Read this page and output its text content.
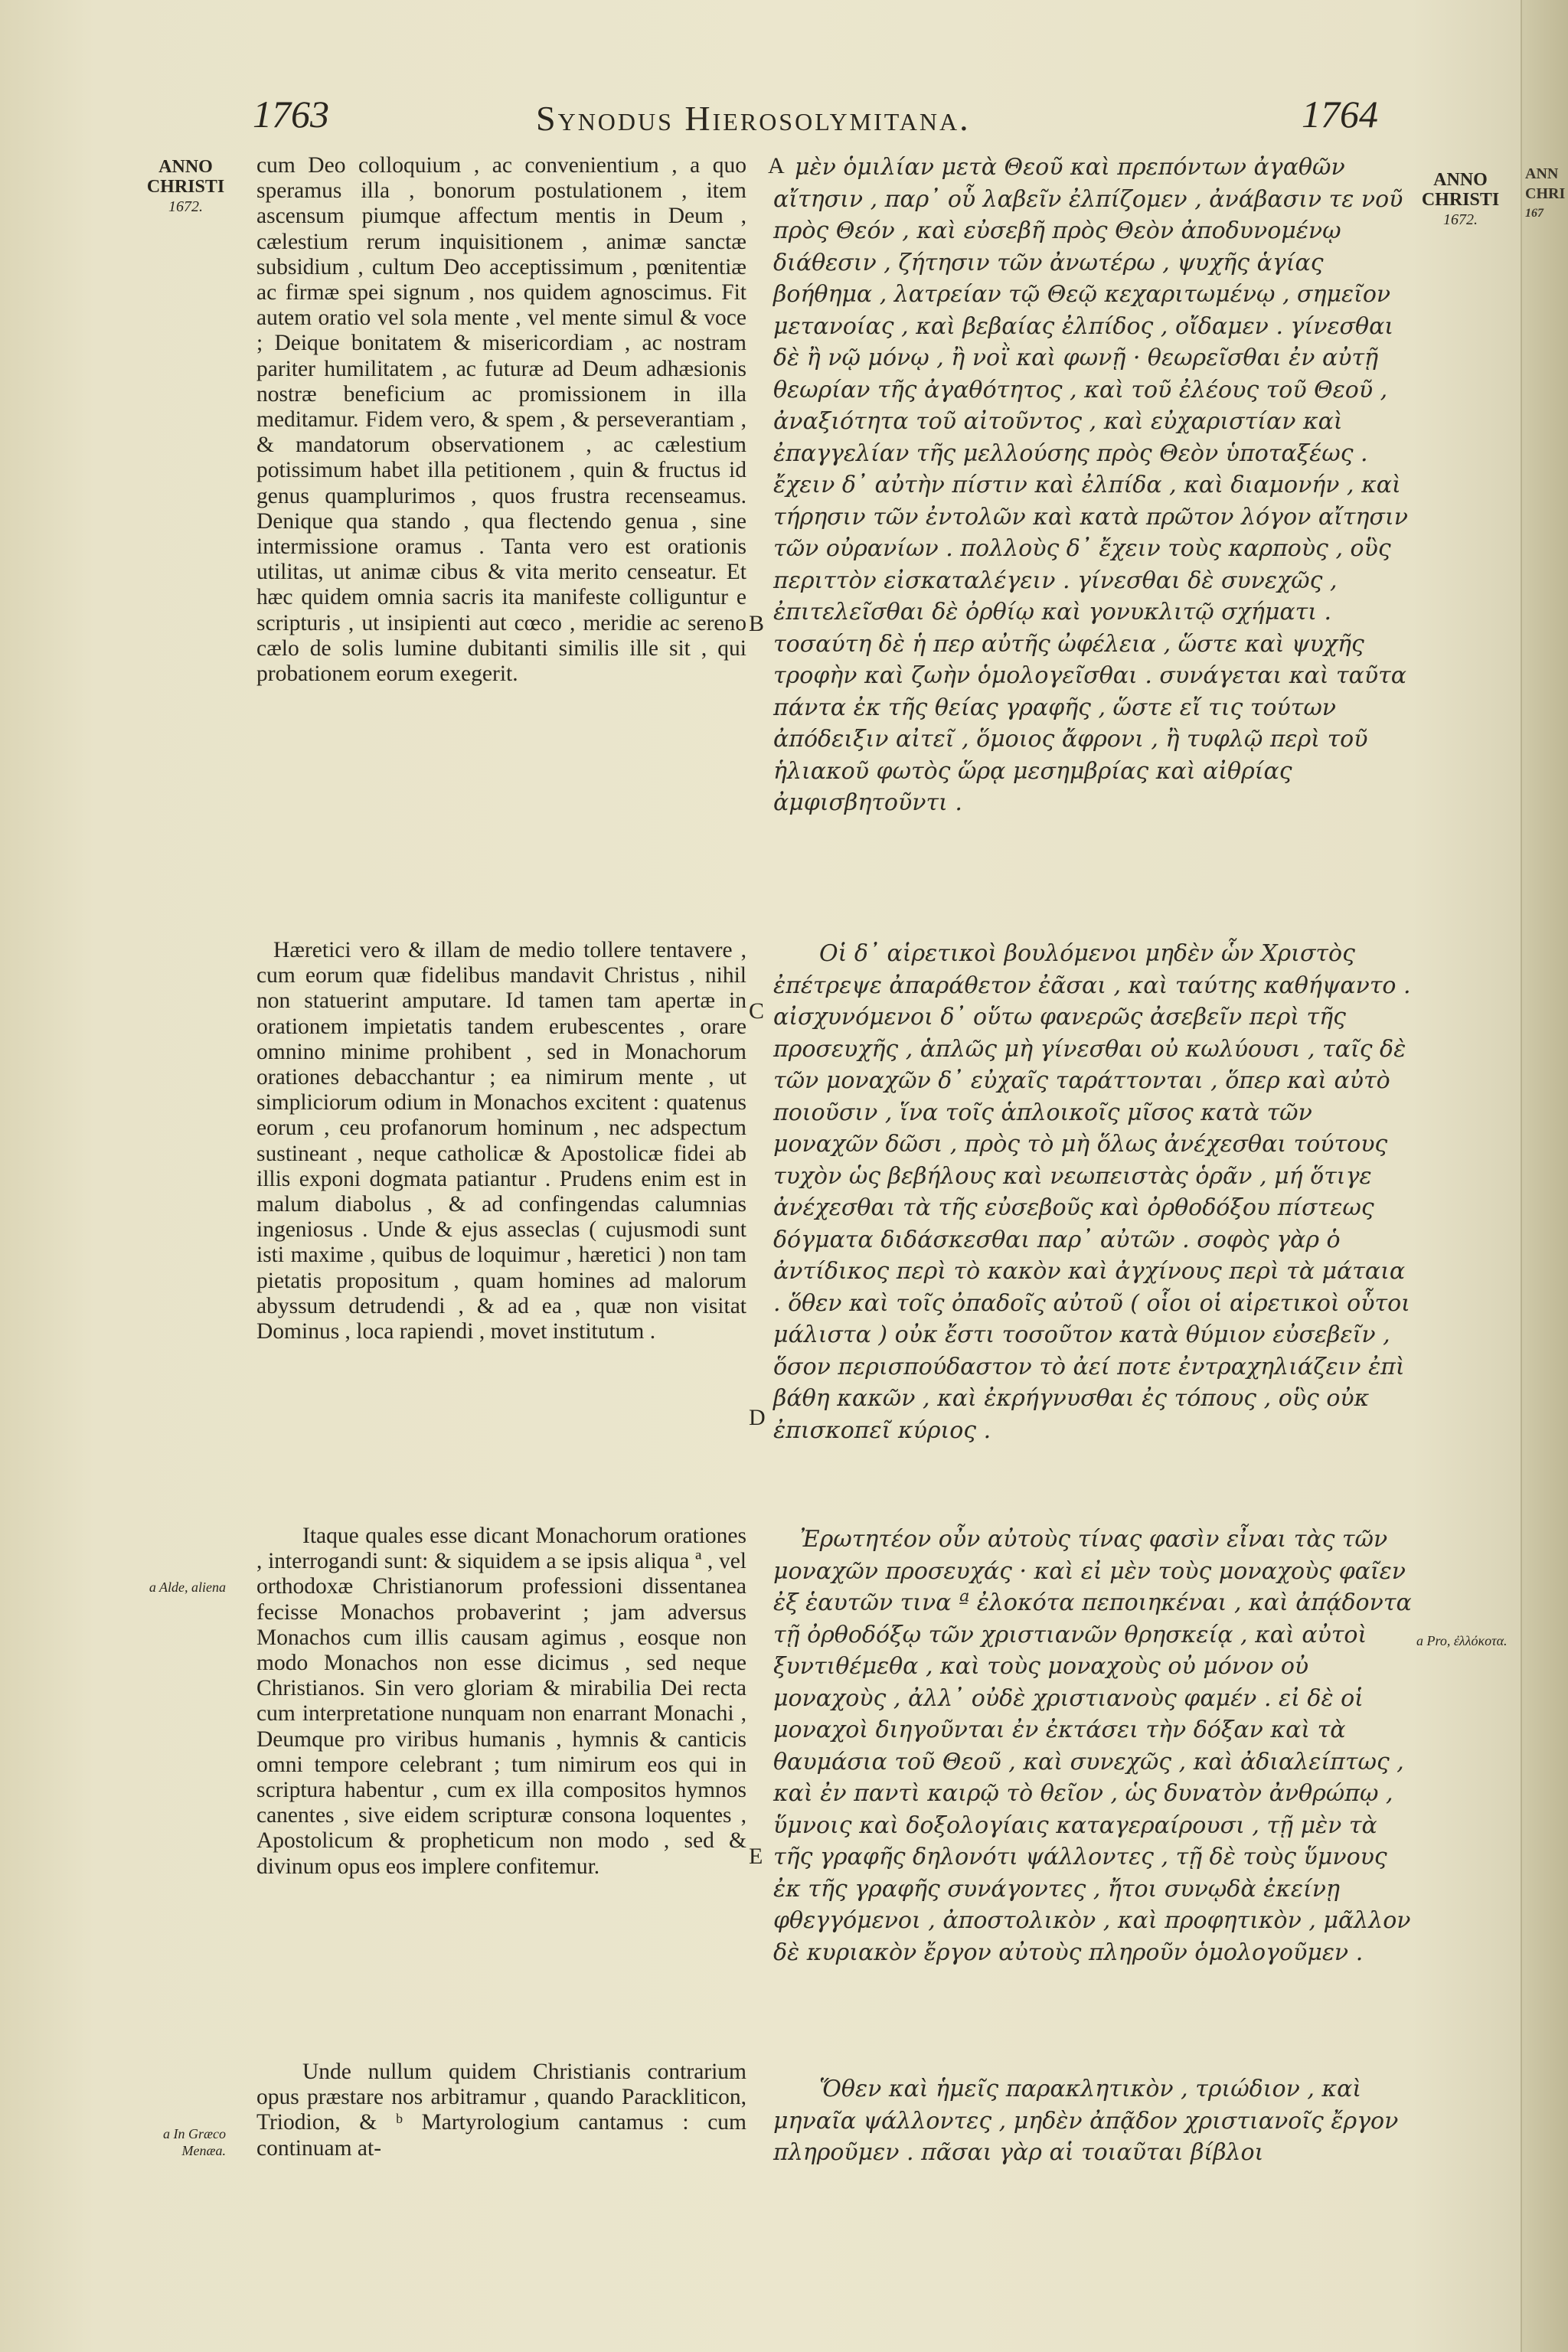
ANN
CHRI
167
1763	Synodus Hierosolymitana.	1764
ANNO
CHRISTI
1672.
ANNO
CHRISTI
1672.
cum Deo colloquium , ac convenientium , a quo speramus illa , bonorum postulationem , item ascensum piumque affectum mentis in Deum , cælestium rerum inquisitionem , animæ sanctæ subsidium , cultum Deo acceptissimum , pœnitentiæ ac firmæ spei signum , nos quidem agnoscimus. Fit autem oratio vel sola mente , vel mente simul & voce ; Deique bonitatem & misericordiam , ac nostram pariter humilitatem , ac futuræ ad Deum adhæsionis nostræ beneficium ac promissionem in illa meditamur. Fidem vero, & spem , & perseverantiam , & mandatorum observationem , ac cælestium potissimum habet illa petitionem , quin & fructus id genus quamplurimos , quos frustra recenseamus. Denique qua stando , qua flectendo genua , sine intermissione oramus . Tanta vero est orationis utilitas, ut animæ cibus & vita merito censeatur. Et hæc quidem omnia sacris ita manifeste colliguntur e scripturis , ut insipienti aut cœco , meridie ac sereno cælo de solis lumine dubitanti similis ille sit , qui probationem eorum exegerit.
Hæretici vero & illam de medio tollere tentavere , cum eorum quæ fidelibus mandavit Christus , nihil non statuerint amputare. Id tamen tam apertæ in orationem impietatis tandem erubescentes , orare omnino minime prohibent , sed in Monachorum orationes debacchantur ; ea nimirum mente , ut simpliciorum odium in Monachos excitent : quatenus eorum , ceu profanorum hominum , nec adspectum sustineant , neque catholicæ & Apostolicæ fidei ab illis exponi dogmata patiantur . Prudens enim est in malum diabolus , & ad confingendas calumnias ingeniosus . Unde & ejus asseclas ( cujusmodi sunt isti maxime , quibus de loquimur , hæretici ) non tam pietatis propositum , quam homines ad malorum abyssum detrudendi , & ad ea , quæ non visitat Dominus , loca rapiendi , movet institutum .
Itaque quales esse dicant Monachorum orationes , interrogandi sunt: & siquidem a se ipsis aliqua ª , vel orthodoxæ Christianorum professioni dissentanea fecisse Monachos probaverint ; jam adversus Monachos cum illis causam agimus , eosque non modo Monachos non esse dicimus , sed neque Christianos. Sin vero gloriam & mirabilia Dei recta cum interpretatione nunquam non enarrant Monachi , Deumque pro viribus humanis , hymnis & canticis omni tempore celebrant ; tum nimirum eos qui in scriptura habentur , cum ex illa compositos hymnos canentes , sive eidem scripturæ consona loquentes , Apostolicum & propheticum non modo , sed & divinum opus eos implere confitemur.
Unde nullum quidem Christianis contrarium opus præstare nos arbitramur , quando Parackliticon, Triodion, & ᵇ Martyrologium cantamus : cum continuam at-
A
B
C
D
E
μὲν ὁμιλίαν μετὰ Θεοῦ καὶ πρεπόντων ἀγαθῶν αἴτησιν , παρ᾽ οὗ λαβεῖν ἐλπίζομεν , ἀνάβασιν τε νοῦ πρὸς Θεόν , καὶ εὐσεβῆ πρὸς Θεὸν ἀποδυνομένῳ διάθεσιν , ζήτησιν τῶν ἀνωτέρω , ψυχῆς ἁγίας βοήθημα , λατρείαν τῷ Θεῷ κεχαριτωμένῳ , σημεῖον μετανοίας , καὶ βεβαίας ἐλπίδος , οἴδαμεν . γίνεσθαι δὲ ἢ νῷ μόνῳ , ἢ νοῒ καὶ φωνῇ · θεωρεῖσθαι ἐν αὐτῇ θεωρίαν τῆς ἀγαθότητος , καὶ τοῦ ἐλέους τοῦ Θεοῦ , ἀναξιότητα τοῦ αἰτοῦντος , καὶ εὐχαριστίαν καὶ ἐπαγγελίαν τῆς μελλούσης πρὸς Θεὸν ὑποταξέως . ἔχειν δ᾽ αὐτὴν πίστιν καὶ ἐλπίδα , καὶ διαμονήν , καὶ τήρησιν τῶν ἐντολῶν καὶ κατὰ πρῶτον λόγον αἴτησιν τῶν οὐρανίων . πολλοὺς δ᾽ ἔχειν τοὺς καρποὺς , οὓς περιττὸν εἰσκαταλέγειν . γίνεσθαι δὲ συνεχῶς , ἐπιτελεῖσθαι δὲ ὀρθίῳ καὶ γονυκλιτῷ σχήματι . τοσαύτη δὲ ἡ περ αὐτῆς ὠφέλεια , ὥστε καὶ ψυχῆς τροφὴν καὶ ζωὴν ὁμολογεῖσθαι . συνάγεται καὶ ταῦτα πάντα ἐκ τῆς θείας γραφῆς , ὥστε εἴ τις τούτων ἀπόδειξιν αἰτεῖ , ὅμοιος ἄφρονι , ἢ τυφλῷ περὶ τοῦ ἡλιακοῦ φωτὸς ὥρᾳ μεσημβρίας καὶ αἰθρίας ἀμφισβητοῦντι .
Οἱ δ᾽ αἱρετικοὶ βουλόμενοι μηδὲν ὧν Χριστὸς ἐπέτρεψε ἀπαράθετον ἐᾶσαι , καὶ ταύτης καθήψαντο . αἰσχυνόμενοι δ᾽ οὕτω φανερῶς ἀσεβεῖν περὶ τῆς προσευχῆς , ἁπλῶς μὴ γίνεσθαι οὐ κωλύουσι , ταῖς δὲ τῶν μοναχῶν δ᾽ εὐχαῖς ταράττονται , ὅπερ καὶ αὐτὸ ποιοῦσιν , ἵνα τοῖς ἁπλοικοῖς μῖσος κατὰ τῶν μοναχῶν δῶσι , πρὸς τὸ μὴ ὅλως ἀνέχεσθαι τούτους τυχὸν ὡς βεβήλους καὶ νεωπειστὰς ὁρᾶν , μή ὅτιγε ἀνέχεσθαι τὰ τῆς εὐσεβοῦς καὶ ὀρθοδόξου πίστεως δόγματα διδάσκεσθαι παρ᾽ αὐτῶν . σοφὸς γὰρ ὁ ἀντίδικος περὶ τὸ κακὸν καὶ ἀγχίνους περὶ τὰ μάταια . ὅθεν καὶ τοῖς ὀπαδοῖς αὐτοῦ ( οἷοι οἱ αἱρετικοὶ οὗτοι μάλιστα ) οὐκ ἔστι τοσοῦτον κατὰ θύμιον εὐσεβεῖν , ὅσον περισπούδαστον τὸ ἀεί ποτε ἐντραχηλιάζειν ἐπὶ βάθη κακῶν , καὶ ἐκρήγνυσθαι ἐς τόπους , οὓς οὐκ ἐπισκοπεῖ κύριος .
Ἐρωτητέον οὖν αὐτοὺς τίνας φασὶν εἶναι τὰς τῶν μοναχῶν προσευχάς · καὶ εἰ μὲν τοὺς μοναχοὺς φαῖεν ἐξ ἑαυτῶν τινα ª ἐλοκότα πεποιηκέναι , καὶ ἀπᾴδοντα τῇ ὀρθοδόξῳ τῶν χριστιανῶν θρησκείᾳ , καὶ αὐτοὶ ξυντιθέμεθα , καὶ τοὺς μοναχοὺς οὐ μόνον οὐ μοναχοὺς , ἀλλ᾽ οὐδὲ χριστιανοὺς φαμέν . εἰ δὲ οἱ μοναχοὶ διηγοῦνται ἐν ἐκτάσει τὴν δόξαν καὶ τὰ θαυμάσια τοῦ Θεοῦ , καὶ συνεχῶς , καὶ ἀδιαλείπτως , καὶ ἐν παντὶ καιρῷ τὸ θεῖον , ὡς δυνατὸν ἀνθρώπῳ , ὕμνοις καὶ δοξολογίαις καταγεραίρουσι , τῇ μὲν τὰ τῆς γραφῆς δηλονότι ψάλλοντες , τῇ δὲ τοὺς ὕμνους ἐκ τῆς γραφῆς συνάγοντες , ἤτοι συνῳδὰ ἐκείνῃ φθεγγόμενοι , ἀποστολικὸν , καὶ προφητικὸν , μᾶλλον δὲ κυριακὸν ἔργον αὐτοὺς πληροῦν ὁμολογοῦμεν .
Ὅθεν καὶ ἡμεῖς παρακλητικὸν , τριώδιον , καὶ μηναῖα ψάλλοντες , μηδὲν ἀπᾷδον χριστιανοῖς ἔργον πληροῦμεν . πᾶσαι γὰρ αἱ τοιαῦται βίβλοι
a Alde, aliena
a In Græco Menæa.
a Pro, ἐλλόκοτα.
